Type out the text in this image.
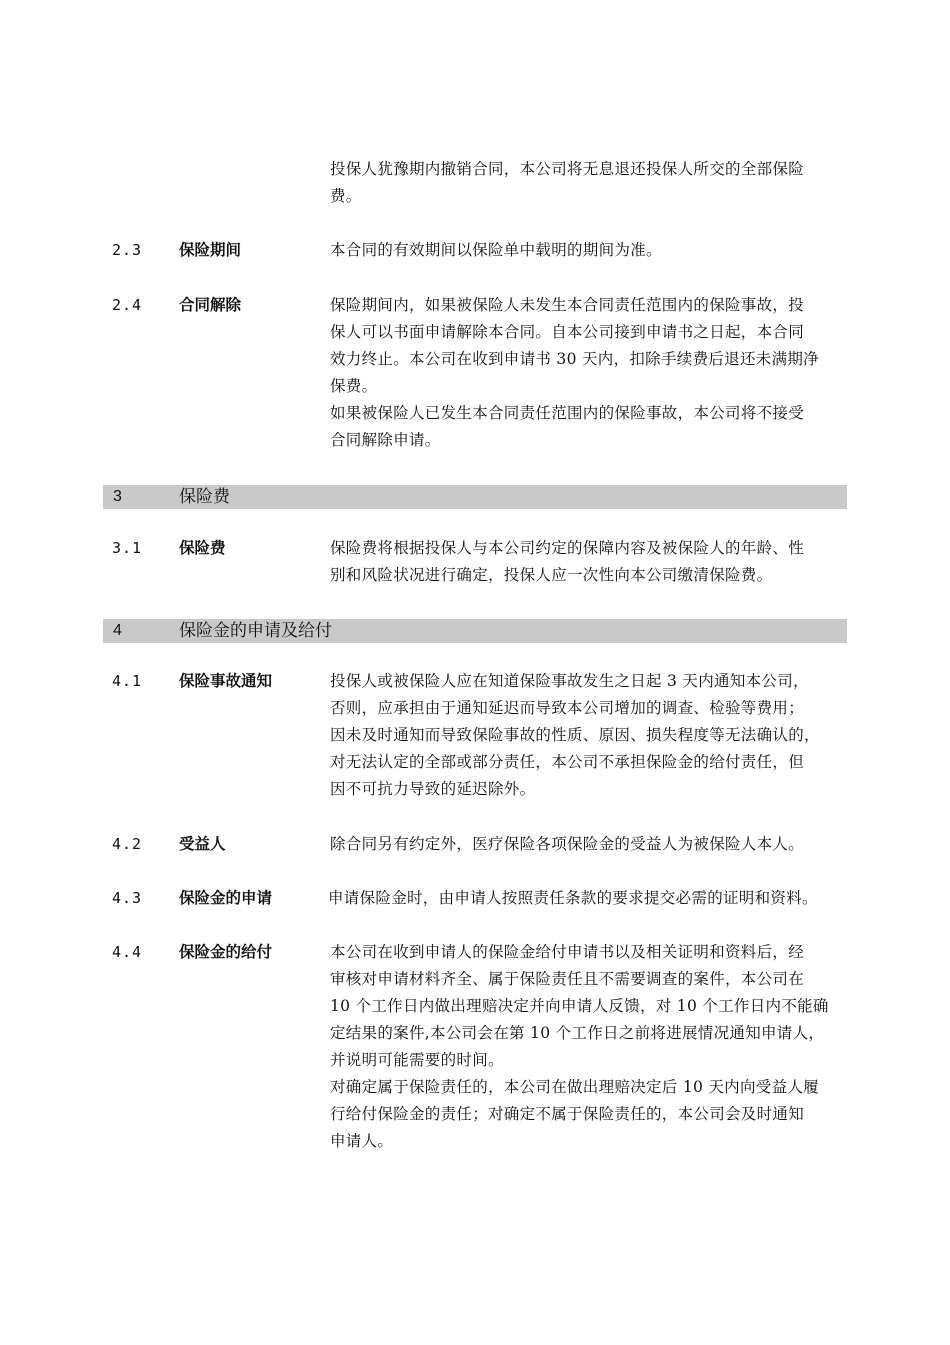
投保人犹豫期内撤销合同，本公司将无息退还投保人所交的全部保险
费。
2.3 保险期间	本合同的有效期间以保险单中载明的期间为准。
2.4 合同解除	保险期间内，如果被保险人未发生本合同责任范围内的保险事故，投
保人可以书面申请解除本合同。自本公司接到申请书之日起，本合同
效力终止。本公司在收到申请书 30 天内，扣除手续费后退还未满期净
保费。
如果被保险人已发生本合同责任范围内的保险事故，本公司将不接受
合同解除申请。
3	保险费
3.1 保险费	保险费将根据投保人与本公司约定的保障内容及被保险人的年龄、性
别和风险状况进行确定，投保人应一次性向本公司缴清保险费。
4	保险金的申请及给付
4.1 保险事故通知	投保人或被保险人应在知道保险事故发生之日起 3 天内通知本公司，
否则，应承担由于通知延迟而导致本公司增加的调查、检验等费用；
因未及时通知而导致保险事故的性质、原因、损失程度等无法确认的，
对无法认定的全部或部分责任，本公司不承担保险金的给付责任，但
因不可抗力导致的延迟除外。
4.2 受益人	除合同另有约定外，医疗保险各项保险金的受益人为被保险人本人。
4.3 保险金的申请	申请保险金时，由申请人按照责任条款的要求提交必需的证明和资料。
4.4 保险金的给付	本公司在收到申请人的保险金给付申请书以及相关证明和资料后，经
审核对申请材料齐全、属于保险责任且不需要调查的案件，本公司在
10 个工作日内做出理赔决定并向申请人反馈，对 10 个工作日内不能确
定结果的案件,本公司会在第 10 个工作日之前将进展情况通知申请人，
并说明可能需要的时间。
对确定属于保险责任的，本公司在做出理赔决定后 10 天内向受益人履
行给付保险金的责任；对确定不属于保险责任的，本公司会及时通知
申请人。
